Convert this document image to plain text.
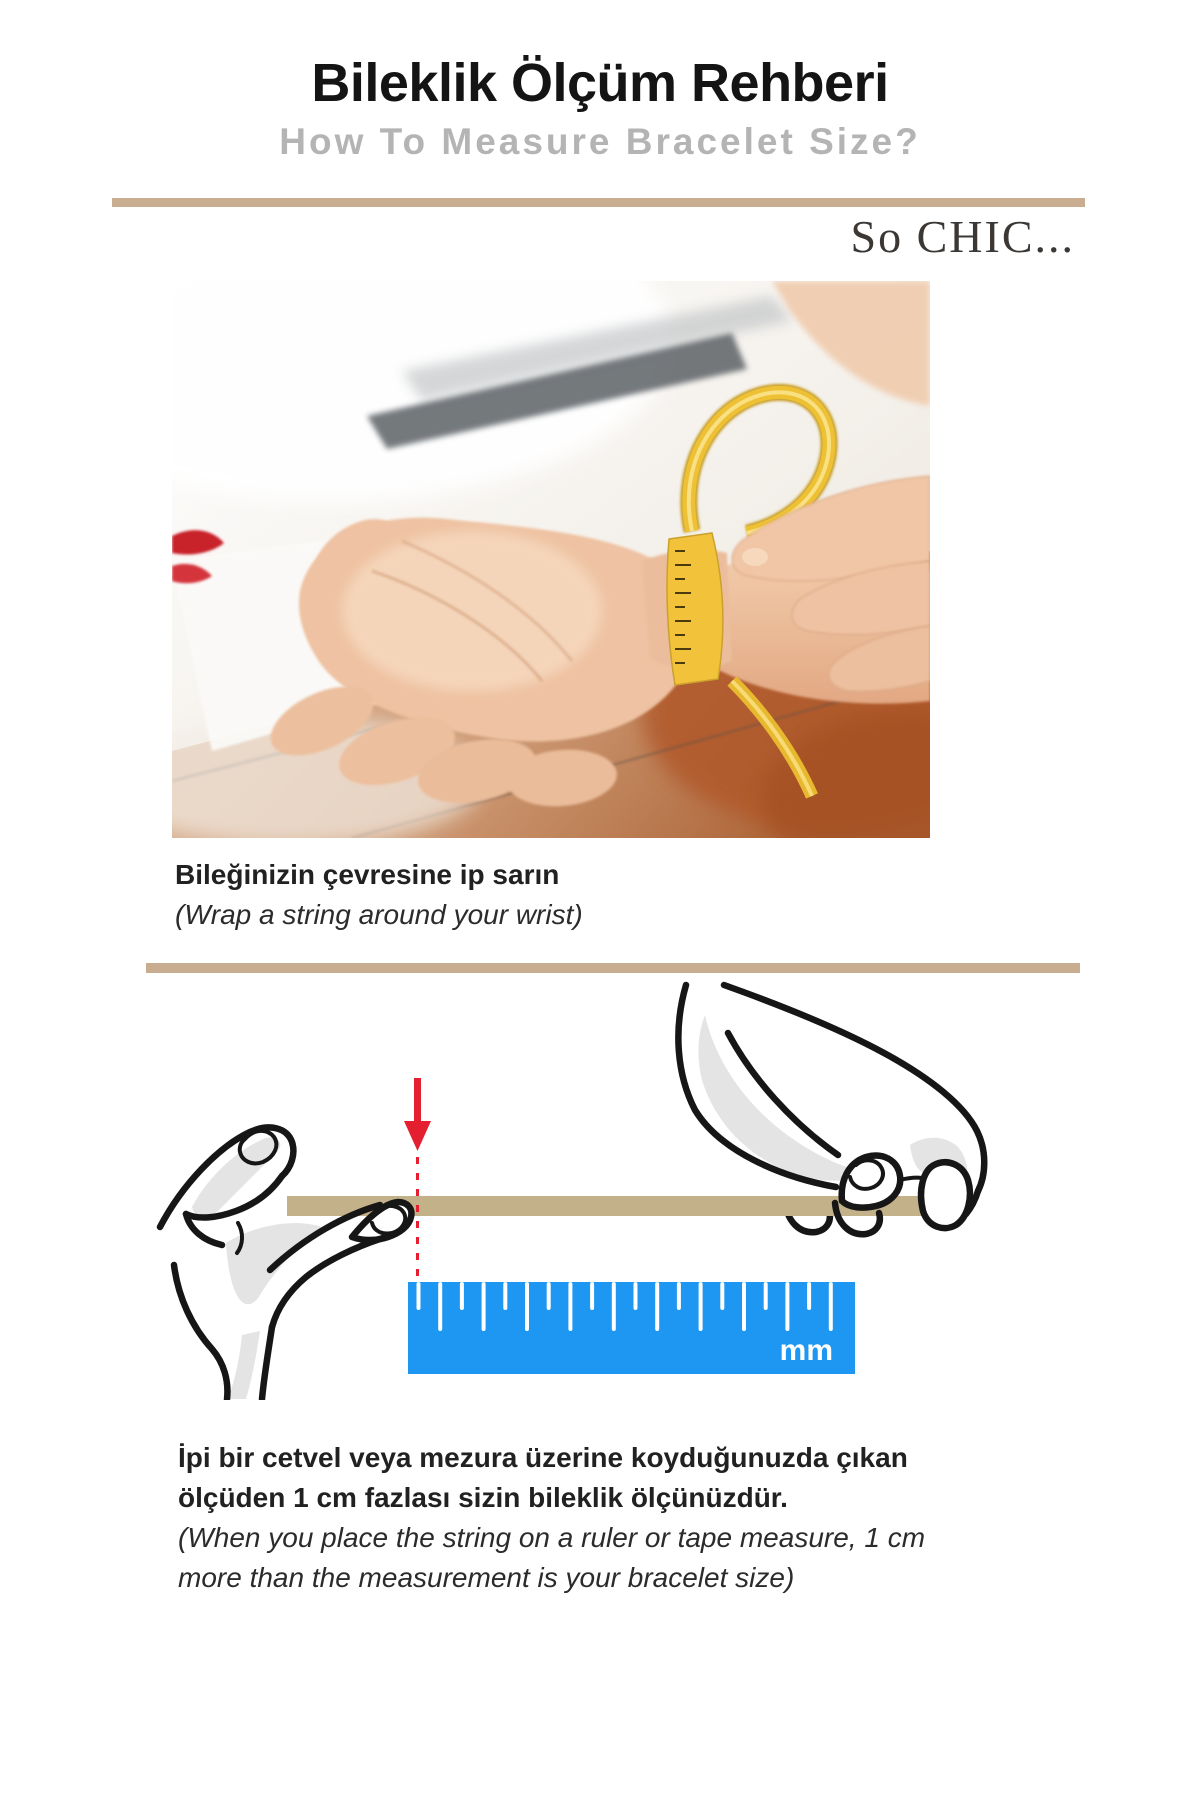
Bileklik Ölçüm Rehberi
How To Measure Bracelet Size?
So CHIC...
Bileğinizin çevresine ip sarın
(Wrap a string around your wrist)
mm
İpi bir cetvel veya mezura üzerine koyduğunuzda çıkan
ölçüden 1 cm fazlası sizin bileklik ölçünüzdür.
(When you place the string on a ruler or tape measure, 1 cm
more than the measurement is your bracelet size)
